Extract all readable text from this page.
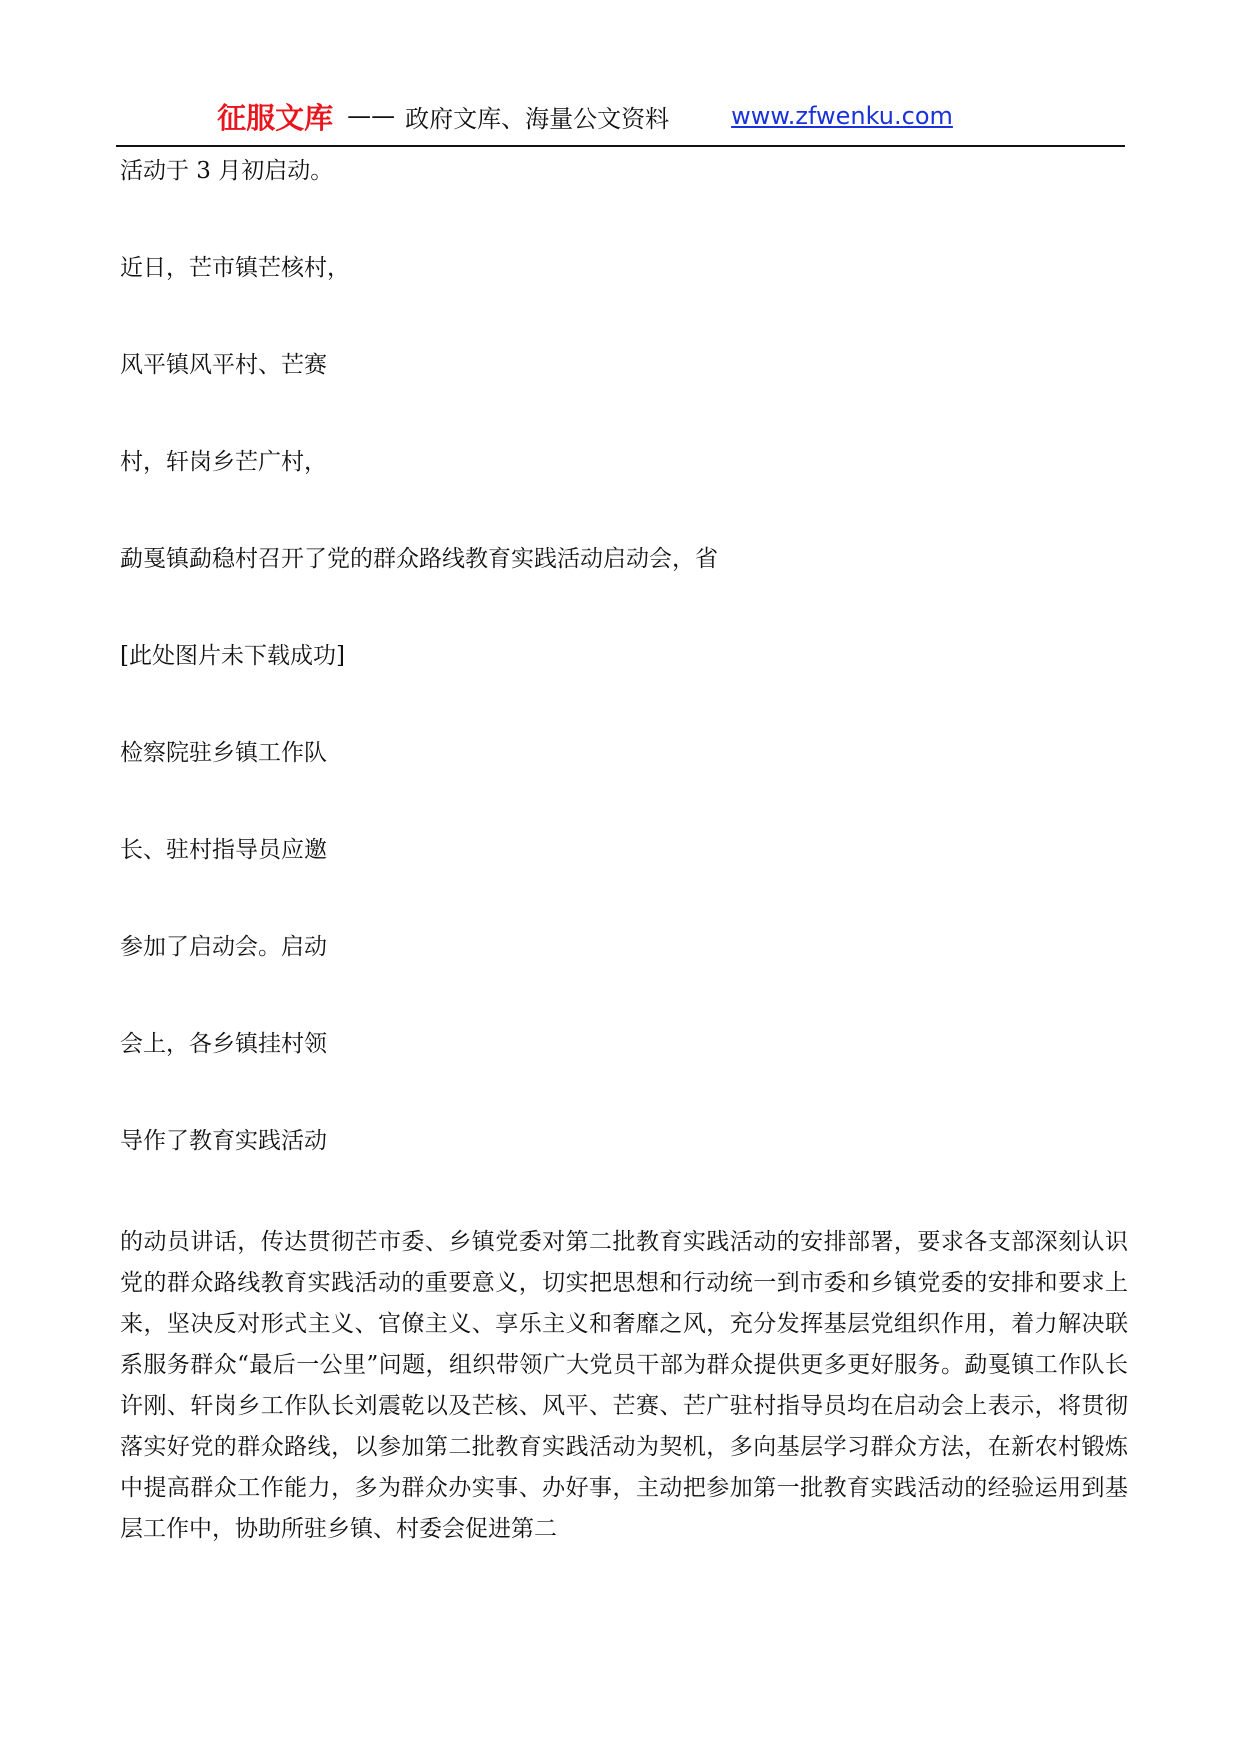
征服文库 —— 政府文库、海量公文资料	www.zfwenku.com
活动于 3 月初启动。
近日，芒市镇芒核村，
风平镇风平村、芒赛
村，轩岗乡芒广村，
勐戛镇勐稳村召开了党的群众路线教育实践活动启动会，省
[此处图片未下载成功]
检察院驻乡镇工作队
长、驻村指导员应邀
参加了启动会。启动
会上，各乡镇挂村领
导作了教育实践活动
的动员讲话，传达贯彻芒市委、乡镇党委对第二批教育实践活动的安排部署，要求各支部深刻认识党的群众路线教育实践活动的重要意义，切实把思想和行动统一到市委和乡镇党委的安排和要求上来，坚决反对形式主义、官僚主义、享乐主义和奢靡之风，充分发挥基层党组织作用，着力解决联系服务群众“最后一公里”问题，组织带领广大党员干部为群众提供更多更好服务。勐戛镇工作队长许刚、轩岗乡工作队长刘震乾以及芒核、风平、芒赛、芒广驻村指导员均在启动会上表示，将贯彻落实好党的群众路线，以参加第二批教育实践活动为契机，多向基层学习群众方法，在新农村锻炼中提高群众工作能力，多为群众办实事、办好事，主动把参加第一批教育实践活动的经验运用到基层工作中，协助所驻乡镇、村委会促进第二
